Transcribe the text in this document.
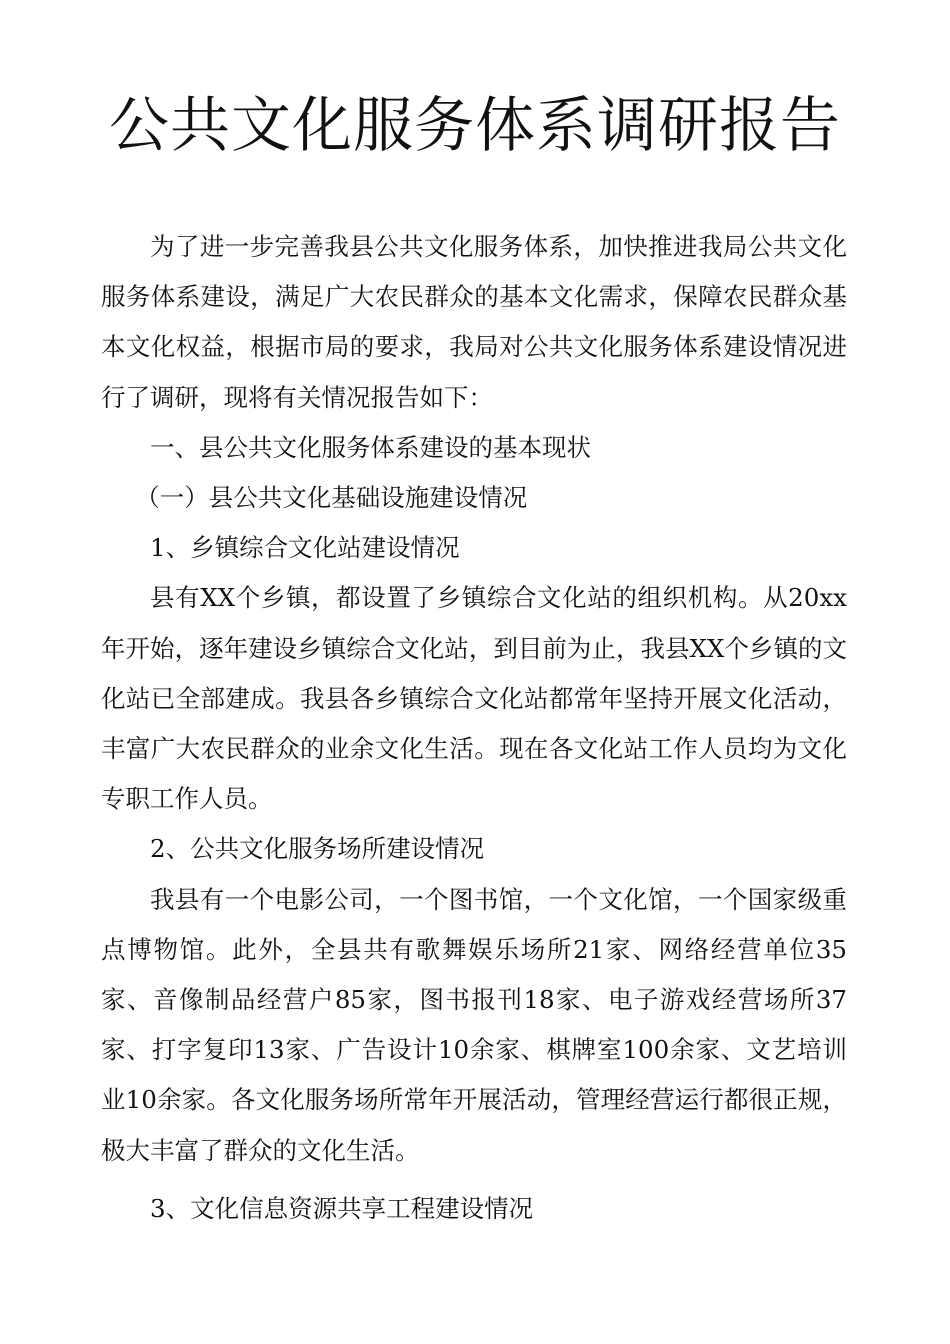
公共文化服务体系调研报告

为了进一步完善我县公共文化服务体系，加快推进我局公共文化服务体系建设，满足广大农民群众的基本文化需求，保障农民群众基本文化权益，根据市局的要求，我局对公共文化服务体系建设情况进行了调研，现将有关情况报告如下：

一、县公共文化服务体系建设的基本现状

（一）县公共文化基础设施建设情况

1、乡镇综合文化站建设情况

县有XX个乡镇，都设置了乡镇综合文化站的组织机构。从20xx年开始，逐年建设乡镇综合文化站，到目前为止，我县XX个乡镇的文化站已全部建成。我县各乡镇综合文化站都常年坚持开展文化活动，丰富广大农民群众的业余文化生活。现在各文化站工作人员均为文化专职工作人员。

2、公共文化服务场所建设情况

我县有一个电影公司，一个图书馆，一个文化馆，一个国家级重点博物馆。此外，全县共有歌舞娱乐场所21家、网络经营单位35家、音像制品经营户85家，图书报刊18家、电子游戏经营场所37家、打字复印13家、广告设计10余家、棋牌室100余家、文艺培训业10余家。各文化服务场所常年开展活动，管理经营运行都很正规，极大丰富了群众的文化生活。

3、文化信息资源共享工程建设情况
